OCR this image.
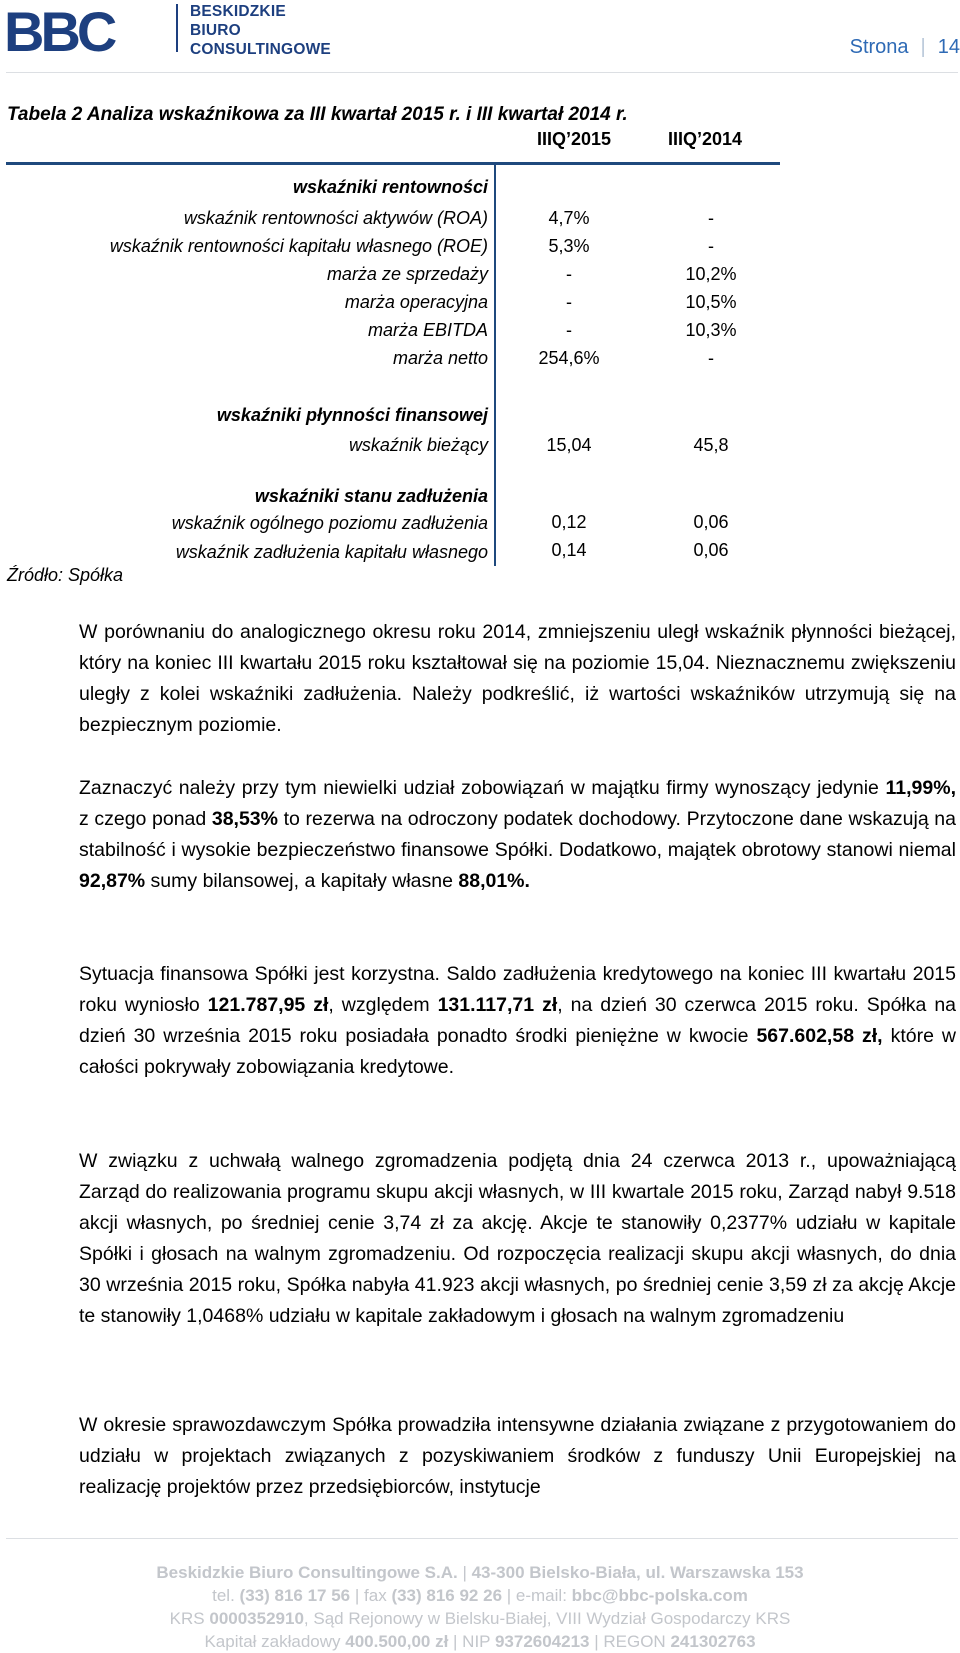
BBC	BESKIDZKIE
BIURO
CONSULTINGOWE	Strona | 14
Tabela 2 Analiza wskaźnikowa za III kwartał 2015 r. i III kwartał 2014 r.
IIIQ’2015	IIIQ’2014
wskaźniki rentowności
wskaźnik rentowności aktywów (ROA)	4,7%	-
wskaźnik rentowności kapitału własnego (ROE)	5,3%	-
marża ze sprzedaży	-	10,2%
marża operacyjna	-	10,5%
marża EBITDA	-	10,3%
marża netto	254,6%	-
wskaźniki płynności finansowej
wskaźnik bieżący	15,04	45,8
wskaźniki stanu zadłużenia
wskaźnik ogólnego poziomu zadłużenia	0,12	0,06
wskaźnik zadłużenia kapitału własnego	0,14	0,06
Źródło: Spółka
W porównaniu do analogicznego okresu roku 2014, zmniejszeniu uległ wskaźnik płynności bieżącej, który na koniec III kwartału 2015 roku kształtował się na poziomie 15,04. Nieznacznemu zwiększeniu uległy z kolei wskaźniki zadłużenia. Należy podkreślić, iż wartości wskaźników utrzymują się na bezpiecznym poziomie.
Zaznaczyć należy przy tym niewielki udział zobowiązań w majątku firmy wynoszący jedynie 11,99%, z czego ponad 38,53% to rezerwa na odroczony podatek dochodowy. Przytoczone dane wskazują na stabilność i wysokie bezpieczeństwo finansowe Spółki. Dodatkowo, majątek obrotowy stanowi niemal 92,87% sumy bilansowej, a kapitały własne 88,01%.
Sytuacja finansowa Spółki jest korzystna. Saldo zadłużenia kredytowego na koniec III kwartału 2015 roku wyniosło 121.787,95 zł, względem 131.117,71 zł, na dzień 30 czerwca 2015 roku. Spółka na dzień 30 września 2015 roku posiadała ponadto środki pieniężne w kwocie 567.602,58 zł, które w całości pokrywały zobowiązania kredytowe.
W związku z uchwałą walnego zgromadzenia podjętą dnia 24 czerwca 2013 r., upoważniającą Zarząd do realizowania programu skupu akcji własnych, w III kwartale 2015 roku, Zarząd nabył 9.518 akcji własnych, po średniej cenie 3,74 zł za akcję. Akcje te stanowiły 0,2377% udziału w kapitale Spółki i głosach na walnym zgromadzeniu. Od rozpoczęcia realizacji skupu akcji własnych, do dnia 30 września 2015 roku, Spółka nabyła 41.923 akcji własnych, po średniej cenie 3,59 zł za akcję Akcje te stanowiły 1,0468% udziału w kapitale zakładowym i głosach na walnym zgromadzeniu
W okresie sprawozdawczym Spółka prowadziła intensywne działania związane z przygotowaniem do udziału w projektach związanych z pozyskiwaniem środków z funduszy Unii Europejskiej na realizację projektów przez przedsiębiorców, instytucje
Beskidzkie Biuro Consultingowe S.A. | 43-300 Bielsko-Biała, ul. Warszawska 153
tel. (33) 816 17 56 | fax (33) 816 92 26 | e-mail: bbc@bbc-polska.com
KRS 0000352910, Sąd Rejonowy w Bielsku-Białej, VIII Wydział Gospodarczy KRS
Kapitał zakładowy 400.500,00 zł | NIP 9372604213 | REGON 241302763
